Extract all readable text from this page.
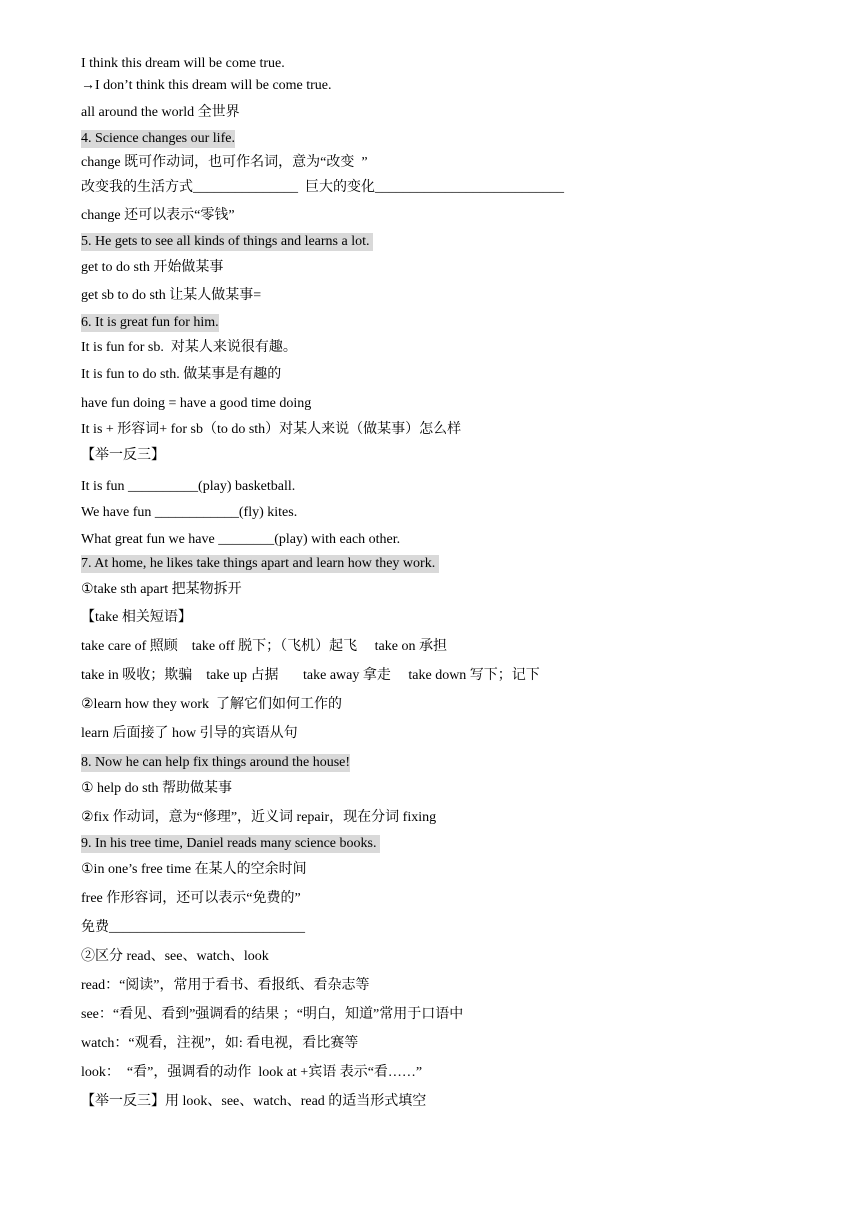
I think this dream will be come true.
→I don’t think this dream will be come true.
all around the world 全世界
4. Science changes our life.
change 既可作动词，也可作名词，意为“改变  ”
改变我的生活方式_______________  巨大的变化___________________________
change 还可以表示“零钱”
5. He gets to see all kinds of things and learns a lot.
get to do sth 开始做某事
get sb to do sth 让某人做某事=
6. It is great fun for him.
It is fun for sb.  对某人来说很有趣。
It is fun to do sth. 做某事是有趣的
have fun doing = have a good time doing
It is + 形容词+ for sb（to do sth）对某人来说（做某事）怎么样
【举一反三】
It is fun __________(play) basketball.
We have fun ____________(fly) kites.
What great fun we have ________(play) with each other.
7. At home, he likes take things apart and learn how they work.
①take sth apart 把某物拆开
【take 相关短语】
take care of 照顾    take off 脱下；（飞机）起飞     take on 承担
take in 吸收；欺骗    take up 占据       take away 拿走     take down 写下；记下
②learn how they work  了解它们如何工作的
learn 后面接了 how 引导的宾语从句
8. Now he can help fix things around the house!
① help do sth 帮助做某事
②fix 作动词，意为“修理”，近义词 repair，现在分词 fixing
9. In his tree time, Daniel reads many science books.
①in one’s free time 在某人的空余时间
free 作形容词，还可以表示“免费的”
免费____________________________
②区分 read、see、watch、look
read：“阅读”，常用于看书、看报纸、看杂志等
see：“看见、看到”强调看的结果 ；“明白，知道”常用于口语中
watch：“观看，注视”，如: 看电视，看比赛等
look：  “看”，强调看的动作  look at +宾语 表示“看……”
【举一反三】用 look、see、watch、read 的适当形式填空
